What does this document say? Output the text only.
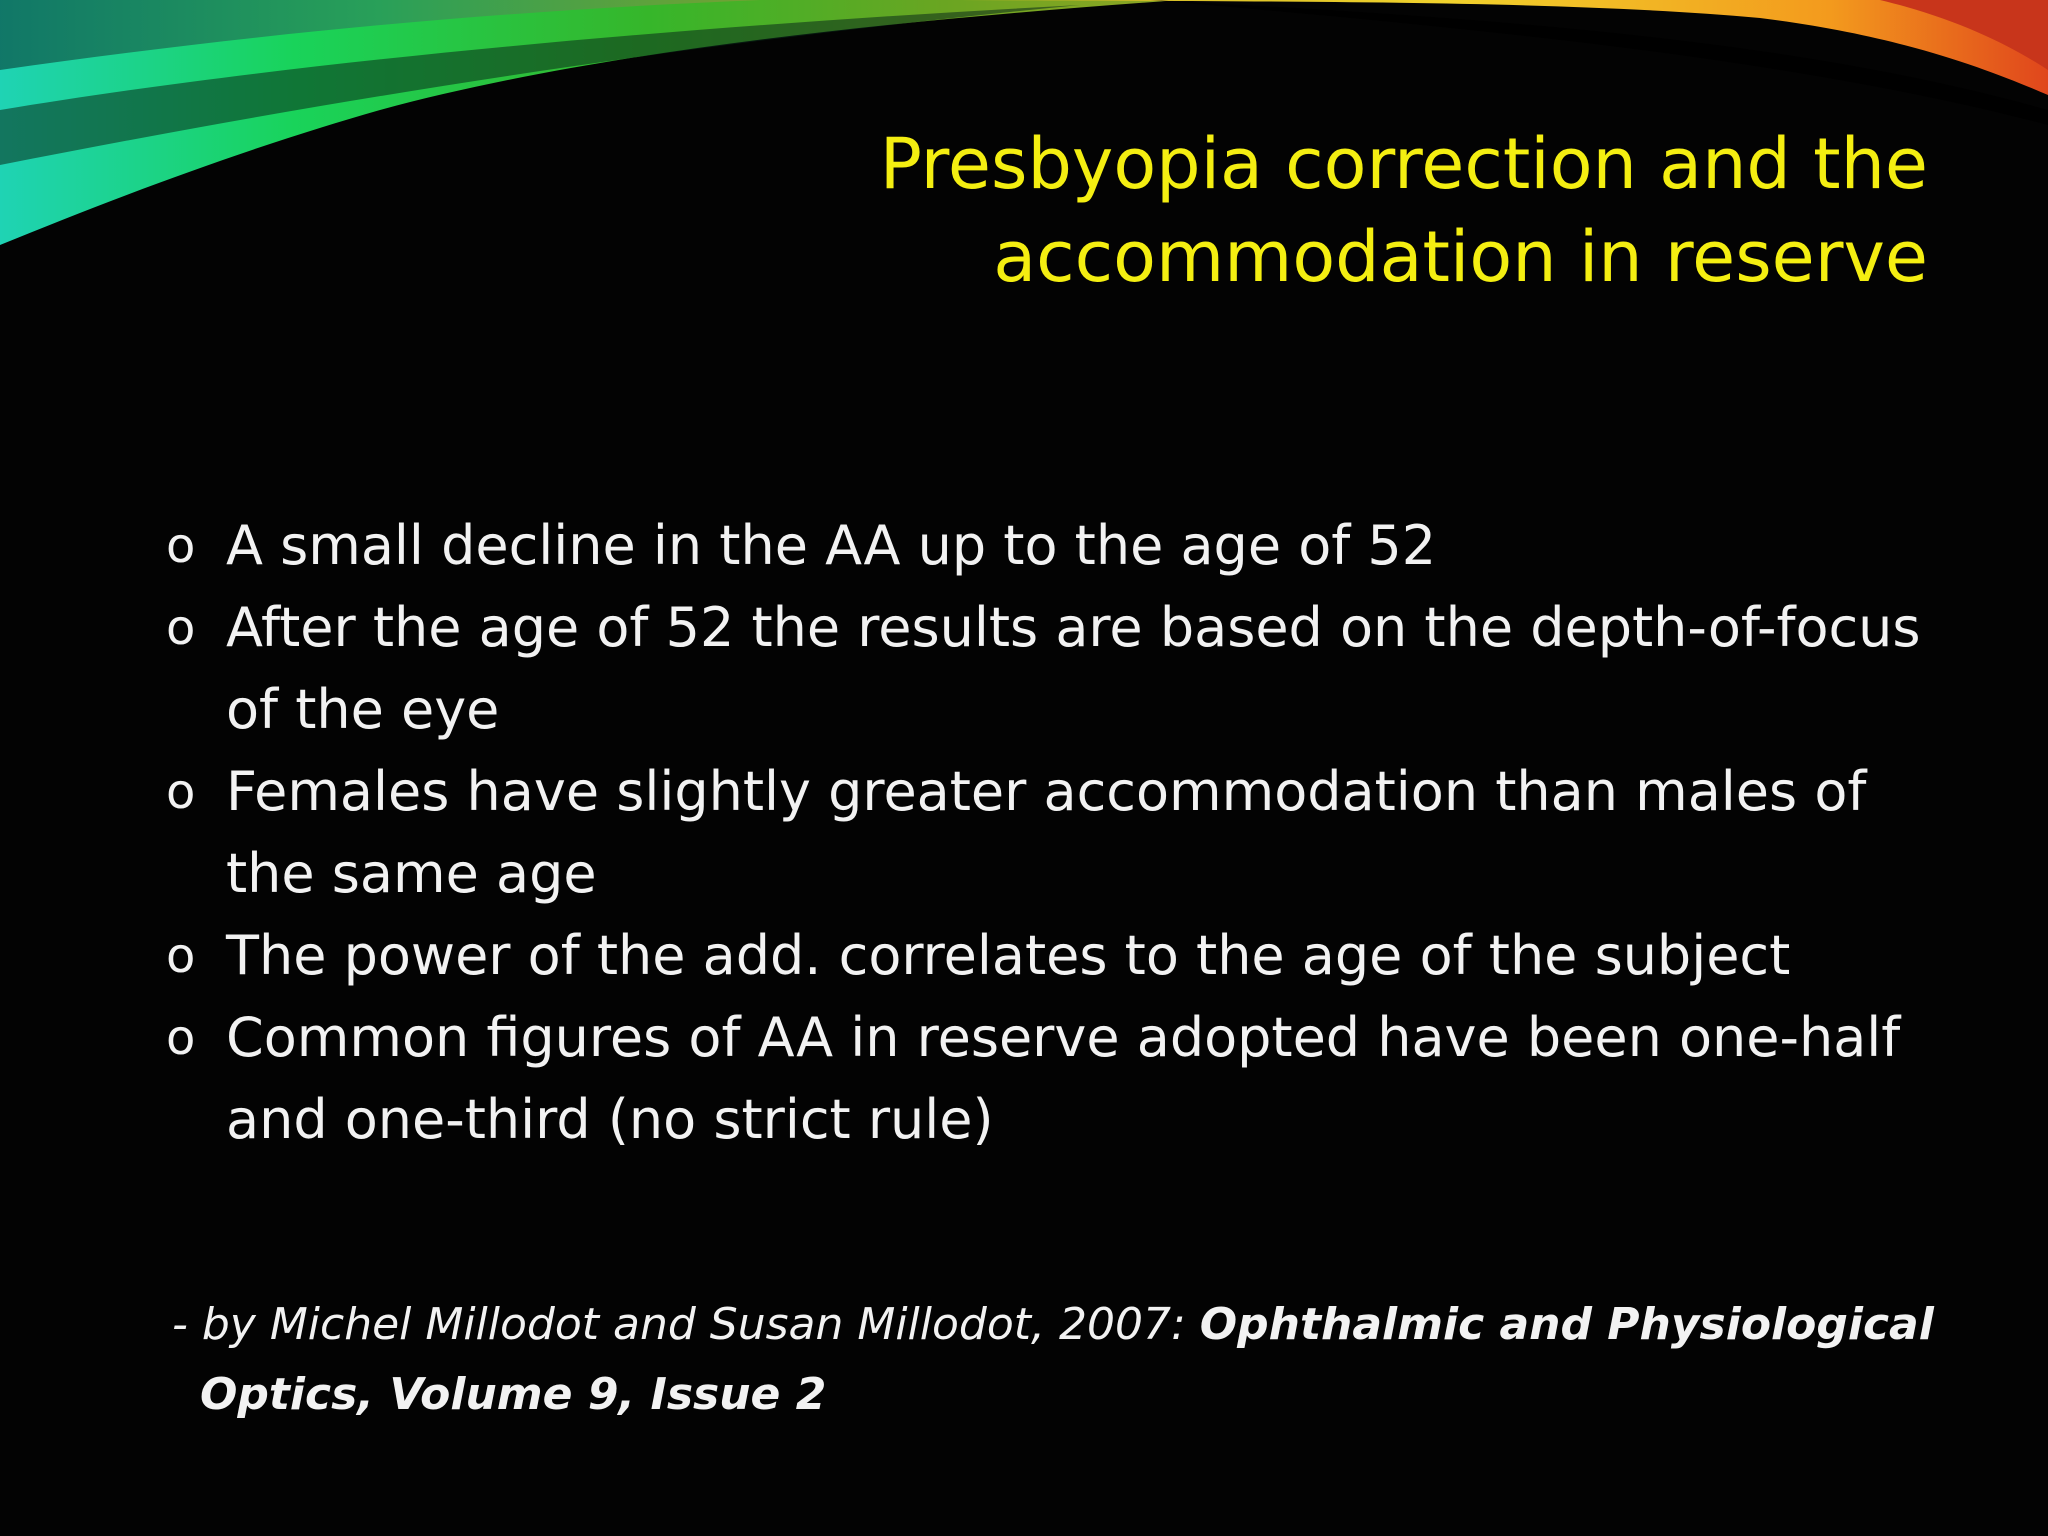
Presbyopia correction and the
accommodation in reserve
o A small decline in the AA up to the age of 52
o After the age of 52 the results are based on the depth-of-focus
of the eye
o Females have slightly greater accommodation than males of
the same age
o The power of the add. correlates to the age of the subject
o Common figures of AA in reserve adopted have been one-half
and one-third (no strict rule)

- by Michel Millodot and Susan Millodot, 2007: Ophthalmic and Physiological
Optics, Volume 9, Issue 2
